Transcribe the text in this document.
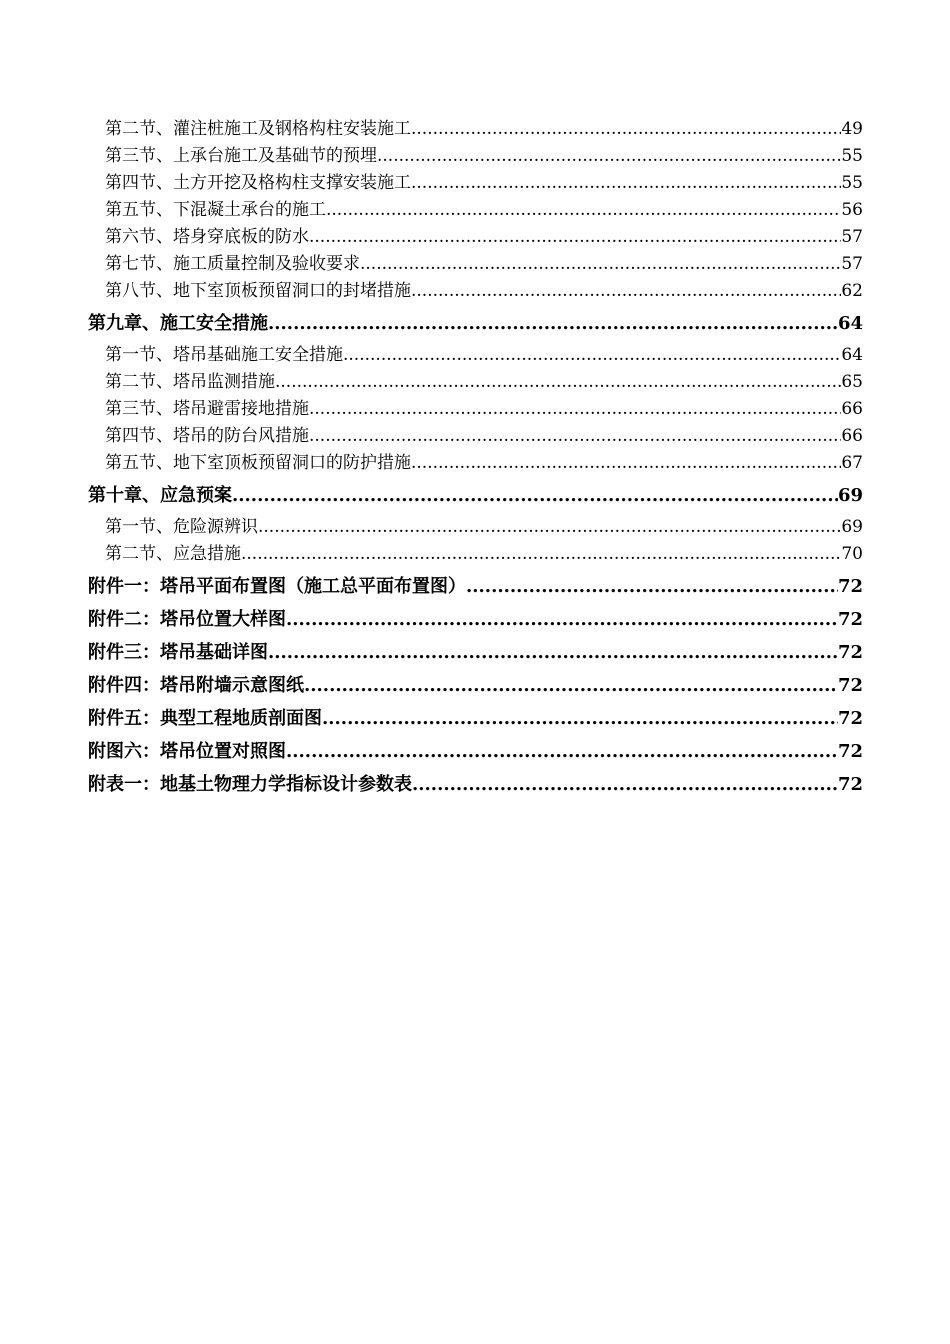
第二节、灌注桩施工及钢格构柱安装施工 .....	49
第三节、上承台施工及基础节的预埋 .....	55
第四节、土方开挖及格构柱支撑安装施工 .....	55
第五节、下混凝土承台的施工 .....	56
第六节、塔身穿底板的防水 .....	57
第七节、施工质量控制及验收要求 .....	57
第八节、地下室顶板预留洞口的封堵措施 .....	62
第九章、施工安全措施 .....	64
第一节、塔吊基础施工安全措施 .....	64
第二节、塔吊监测措施 .....	65
第三节、塔吊避雷接地措施 .....	66
第四节、塔吊的防台风措施 .....	66
第五节、地下室顶板预留洞口的防护措施 .....	67
第十章、应急预案 .....	69
第一节、危险源辨识 .....	69
第二节、应急措施 .....	70
附件一：塔吊平面布置图（施工总平面布置图） .....	72
附件二：塔吊位置大样图 .....	72
附件三：塔吊基础详图 .....	72
附件四：塔吊附墙示意图纸 .....	72
附件五：典型工程地质剖面图 .....	72
附图六：塔吊位置对照图 .....	72
附表一：地基土物理力学指标设计参数表 .....	72
